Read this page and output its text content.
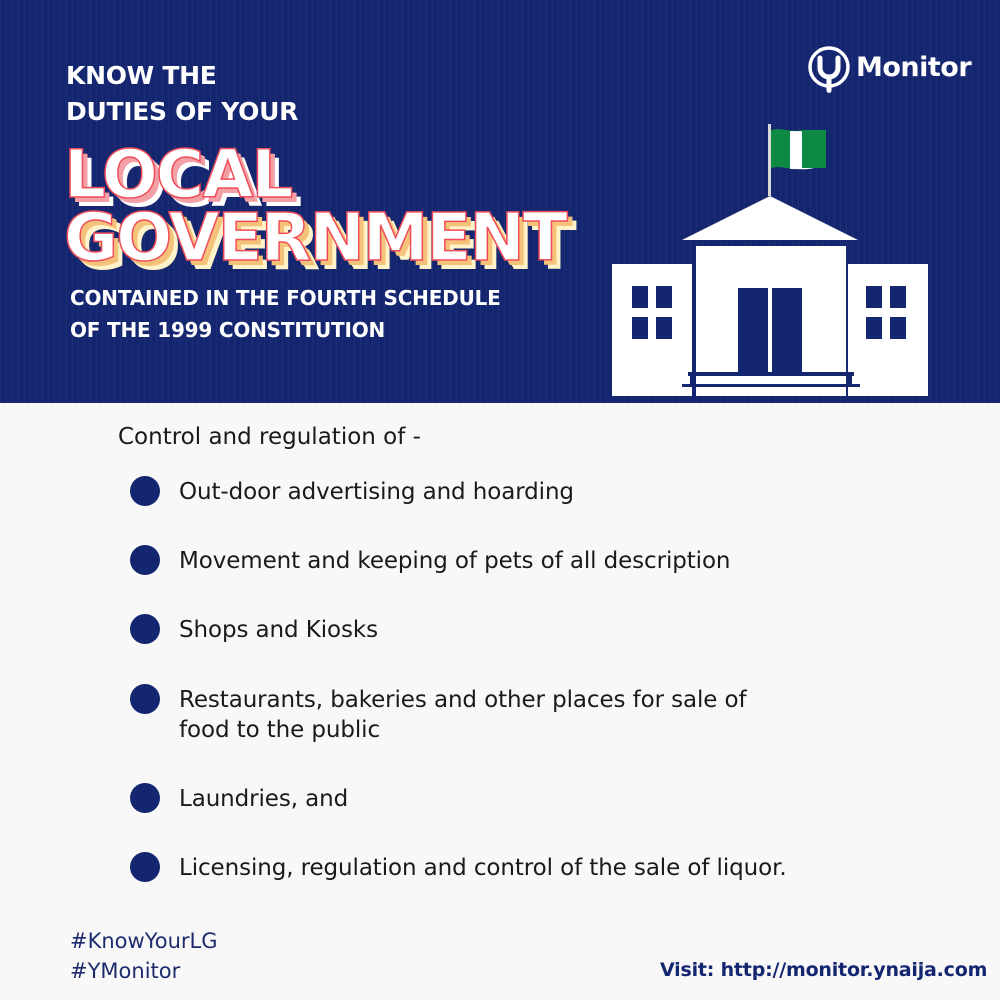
KNOW THE
DUTIES OF YOUR
LOCAL
GOVERNMENT
CONTAINED IN THE FOURTH SCHEDULE
OF THE 1999 CONSTITUTION
Monitor
Control and regulation of -
Out-door advertising and hoarding
Movement and keeping of pets of all description
Shops and Kiosks
Restaurants, bakeries and other places for sale of food to the public
Laundries, and
Licensing, regulation and control of the sale of liquor.
#KnowYourLG
#YMonitor	Visit: http://monitor.ynaija.com
